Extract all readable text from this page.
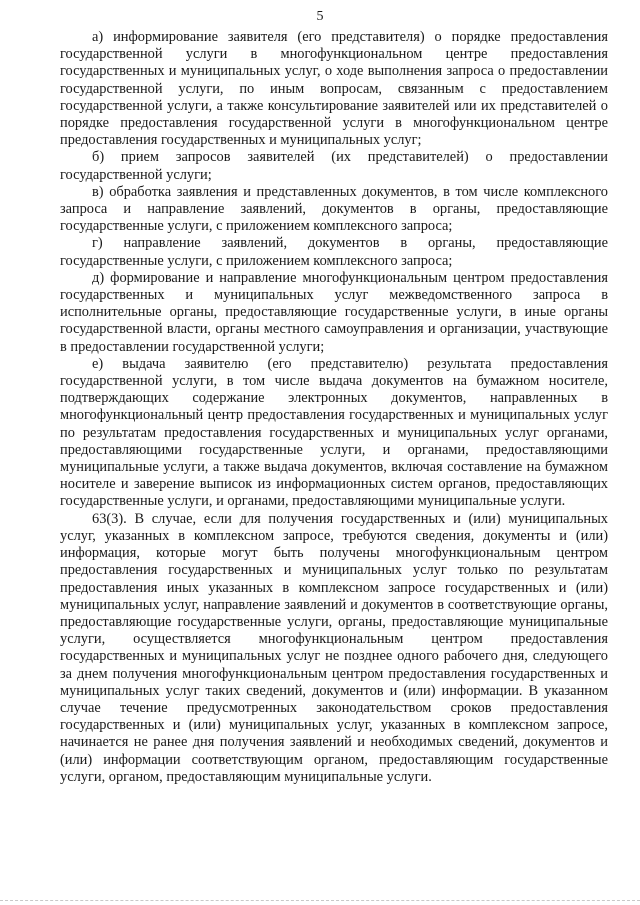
5

а) информирование заявителя (его представителя) о порядке предоставления государственной услуги в многофункциональном центре предоставления государственных и муниципальных услуг, о ходе выполнения запроса о предоставлении государственной услуги, по иным вопросам, связанным с предоставлением государственной услуги, а также консультирование заявителей или их представителей о порядке предоставления государственной услуги в многофункциональном центре предоставления государственных и муниципальных услуг;

б) прием запросов заявителей (их представителей) о предоставлении государственной услуги;

в) обработка заявления и представленных документов, в том числе комплексного запроса и направление заявлений, документов в органы, предоставляющие государственные услуги, с приложением комплексного запроса;

г) направление заявлений, документов в органы, предоставляющие государственные услуги, с приложением комплексного запроса;

д) формирование и направление многофункциональным центром предоставления государственных и муниципальных услуг межведомственного запроса в исполнительные органы, предоставляющие государственные услуги, в иные органы государственной власти, органы местного самоуправления и организации, участвующие в предоставлении государственной услуги;

е) выдача заявителю (его представителю) результата предоставления государственной услуги, в том числе выдача документов на бумажном носителе, подтверждающих содержание электронных документов, направленных в многофункциональный центр предоставления государственных и муниципальных услуг по результатам предоставления государственных и муниципальных услуг органами, предоставляющими государственные услуги, и органами, предоставляющими муниципальные услуги, а также выдача документов, включая составление на бумажном носителе и заверение выписок из информационных систем органов, предоставляющих государственные услуги, и органами, предоставляющими муниципальные услуги.

63(3). В случае, если для получения государственных и (или) муниципальных услуг, указанных в комплексном запросе, требуются сведения, документы и (или) информация, которые могут быть получены многофункциональным центром предоставления государственных и муниципальных услуг только по результатам предоставления иных указанных в комплексном запросе государственных и (или) муниципальных услуг, направление заявлений и документов в соответствующие органы, предоставляющие государственные услуги, органы, предоставляющие муниципальные услуги, осуществляется многофункциональным центром предоставления государственных и муниципальных услуг не позднее одного рабочего дня, следующего за днем получения многофункциональным центром предоставления государственных и муниципальных услуг таких сведений, документов и (или) информации. В указанном случае течение предусмотренных законодательством сроков предоставления государственных и (или) муниципальных услуг, указанных в комплексном запросе, начинается не ранее дня получения заявлений и необходимых сведений, документов и (или) информации соответствующим органом, предоставляющим государственные услуги, органом, предоставляющим муниципальные услуги.
